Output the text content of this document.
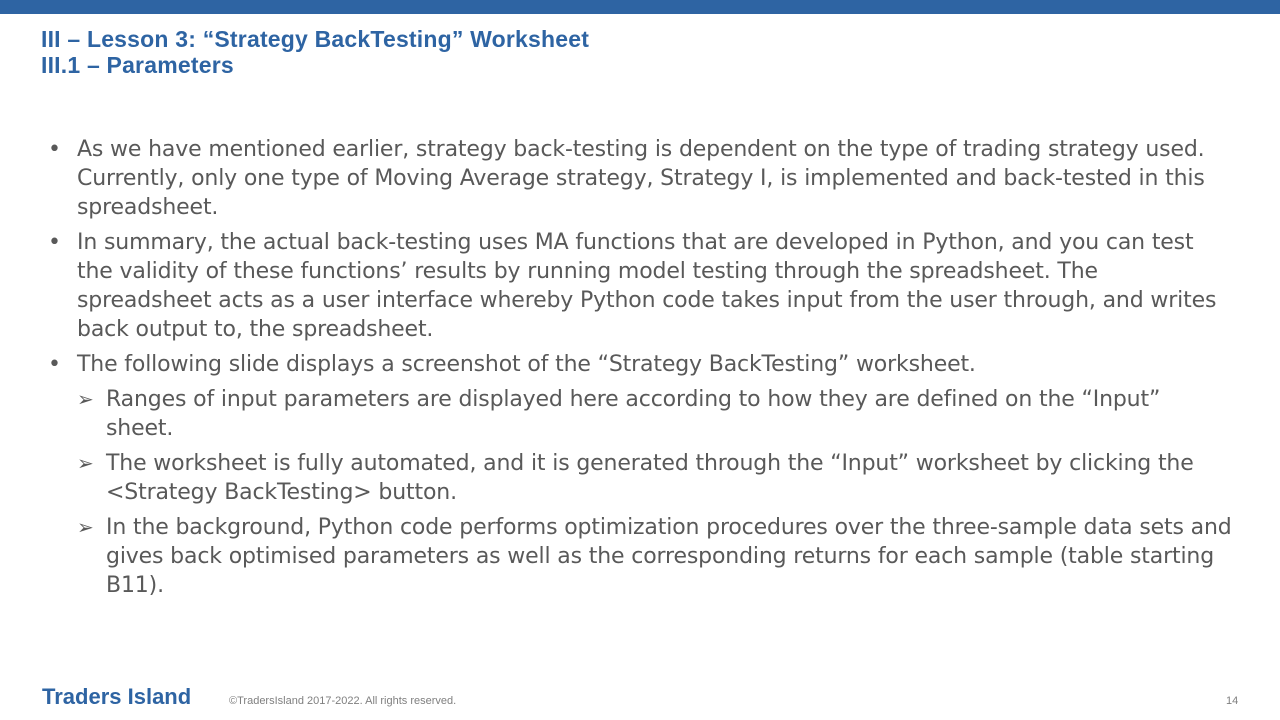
III – Lesson 3: “Strategy BackTesting” Worksheet
III.1 – Parameters
• As we have mentioned earlier, strategy back-testing is dependent on the type of trading strategy used. Currently, only one type of Moving Average strategy, Strategy I, is implemented and back-tested in this spreadsheet.
• In summary, the actual back-testing uses MA functions that are developed in Python, and you can test the validity of these functions’ results by running model testing through the spreadsheet. The spreadsheet acts as a user interface whereby Python code takes input from the user through, and writes back output to, the spreadsheet.
• The following slide displays a screenshot of the “Strategy BackTesting” worksheet.
➢ Ranges of input parameters are displayed here according to how they are defined on the “Input” sheet.
➢ The worksheet is fully automated, and it is generated through the “Input” worksheet by clicking the <Strategy BackTesting> button.
➢ In the background, Python code performs optimization procedures over the three-sample data sets and gives back optimised parameters as well as the corresponding returns for each sample (table starting B11).
Traders Island	©TradersIsland 2017-2022. All rights reserved.	14
